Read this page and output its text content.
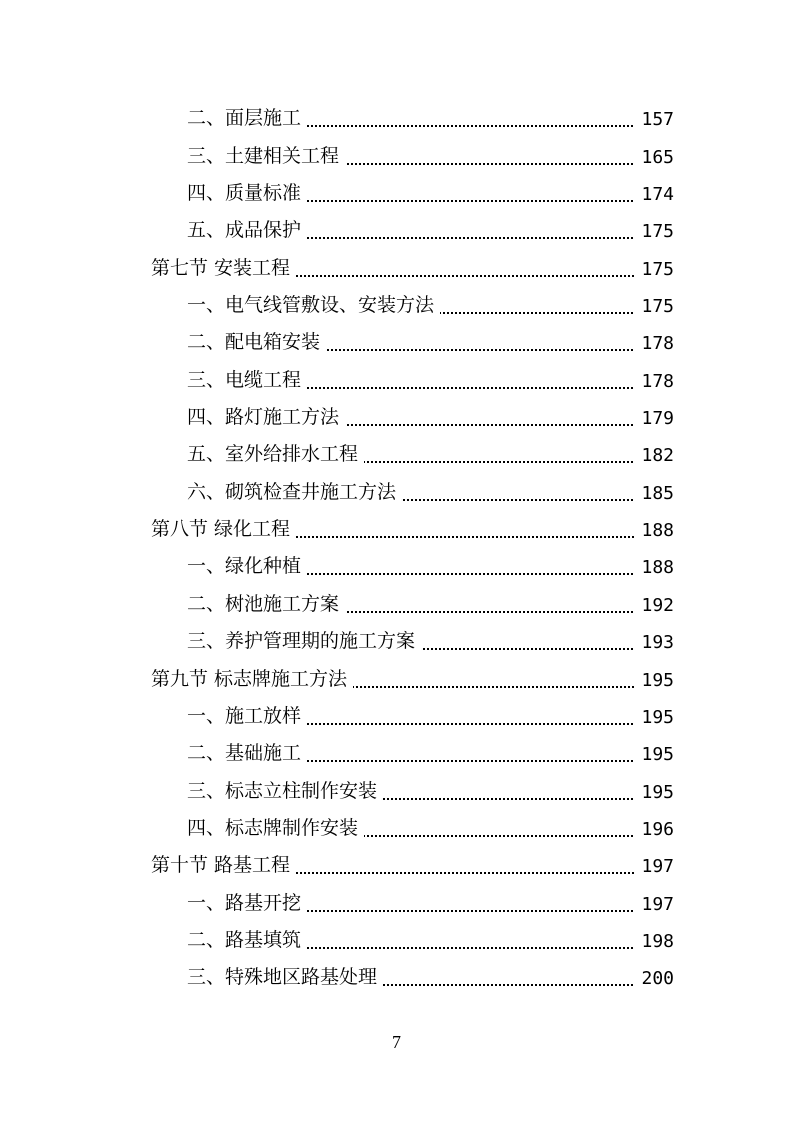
二、面层施工	157
三、土建相关工程	165
四、质量标准	174
五、成品保护	175
第七节 安装工程	175
一、电气线管敷设、安装方法	175
二、配电箱安装	178
三、电缆工程	178
四、路灯施工方法	179
五、室外给排水工程	182
六、砌筑检查井施工方法	185
第八节 绿化工程	188
一、绿化种植	188
二、树池施工方案	192
三、养护管理期的施工方案	193
第九节 标志牌施工方法	195
一、施工放样	195
二、基础施工	195
三、标志立柱制作安装	195
四、标志牌制作安装	196
第十节 路基工程	197
一、路基开挖	197
二、路基填筑	198
三、特殊地区路基处理	200
7
